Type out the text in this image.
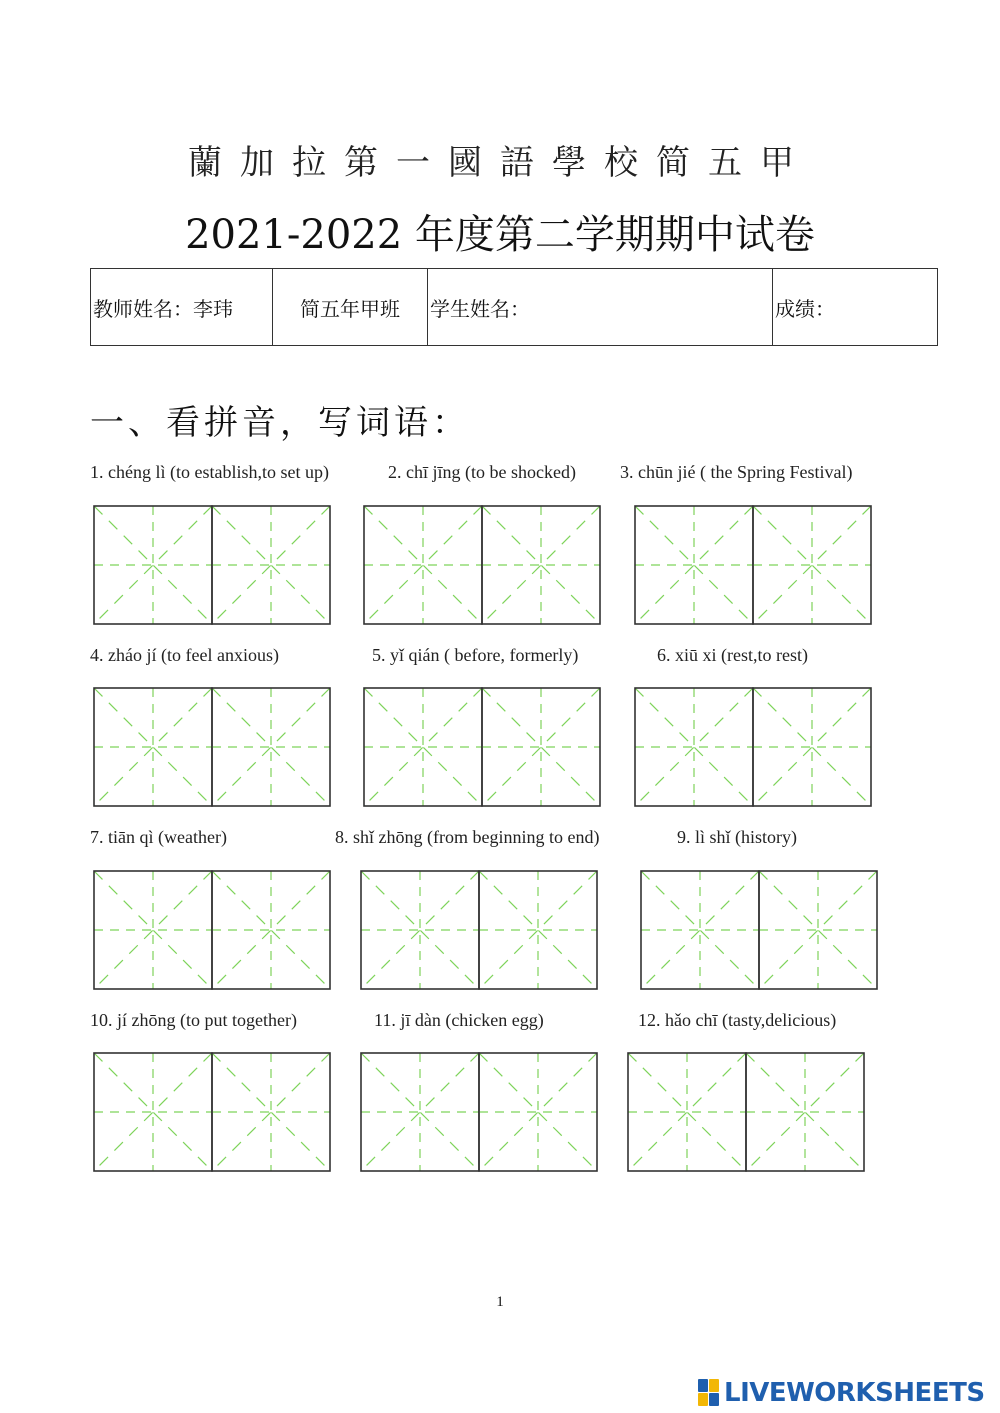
蘭加拉第一國語學校简五甲
2021-2022 年度第二学期期中试卷
教师姓名：李玮	简五年甲班	学生姓名：	成绩：
一、看拼音，写词语：
1. chéng lì (to establish,to set up)	2. chī jīng (to be shocked) 3. chūn jié ( the Spring Festival)
4. zháo jí (to feel anxious)	5. yǐ qián ( before, formerly)	6. xiū xi (rest,to rest)
7. tiān qì (weather)	8. shǐ zhōng (from beginning to end)	9. lì shǐ (history)
10. jí zhōng (to put together)	11. jī dàn (chicken egg)	12. hǎo chī (tasty,delicious)
1
LIVEWORKSHEETS
